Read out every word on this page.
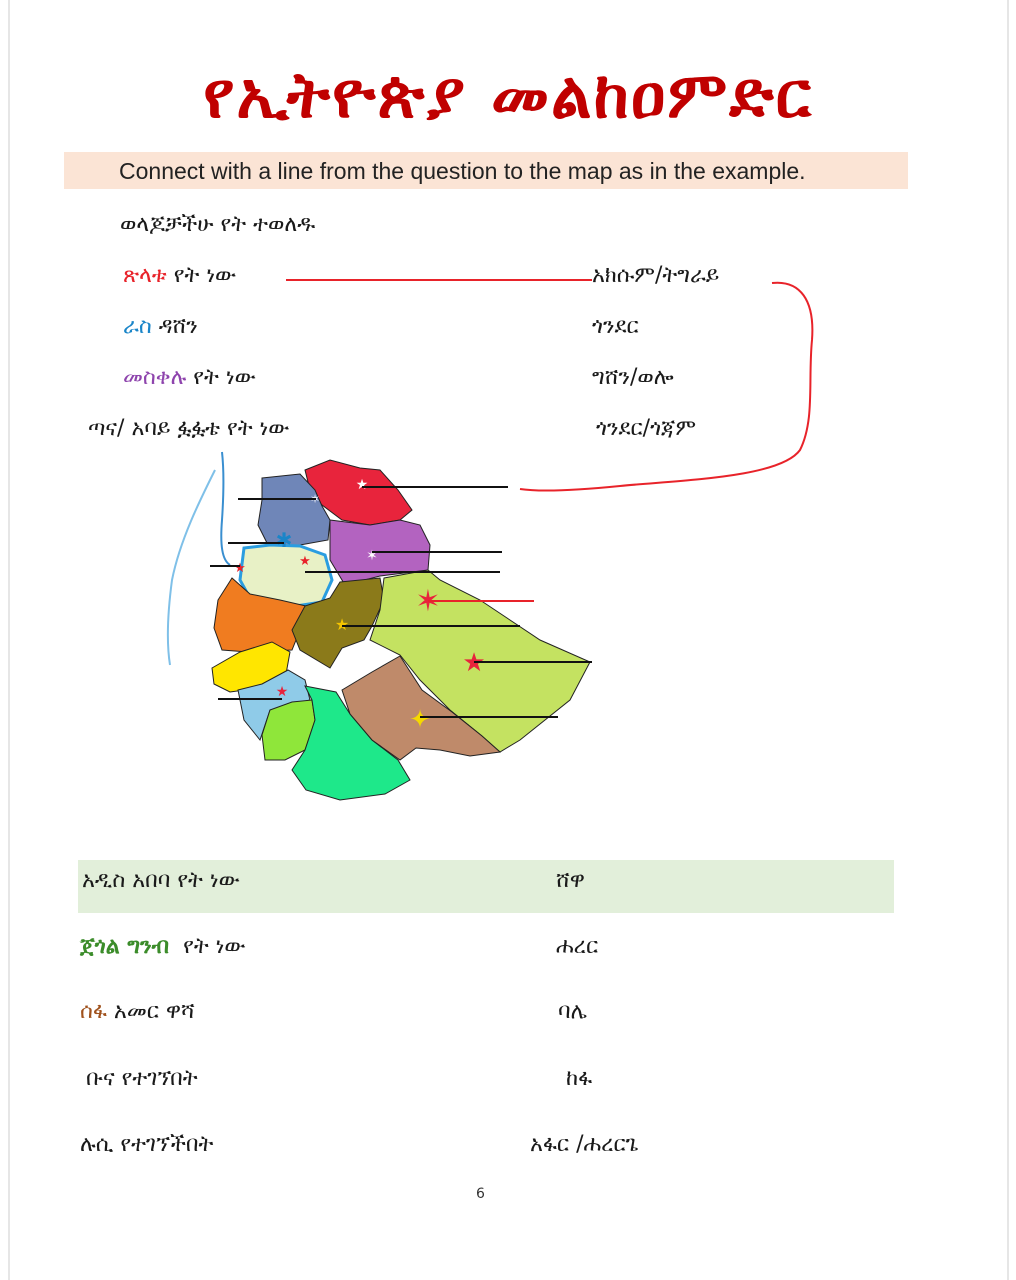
የኢትዮጵያ መልከዐምድር
Connect with a line from the question to the map as in the example.
ወላጆቻችሁ የት ተወለዱ
ጽላቱ የት ነው
ራስ ዳሸን
መስቀሉ የት ነው
ጣና/ አባይ ፏፏቴ የት ነው
አክሱም/ትግራይ
ጎንደር
ግሸን/ወሎ
ጎንደር/ጎጃም
★
✶
✶
✱
★
★
✶
★
★
★
✦
አዲስ አበባ የት ነው
ጀጎል ግንብ  የት ነው
ሰፋ አመር ዋሻ
ቡና የተገኘበት
ሉሲ የተገኘችበት
ሸዋ
ሐረር
ባሌ
ከፋ
አፋር /ሐረርጌ
6
